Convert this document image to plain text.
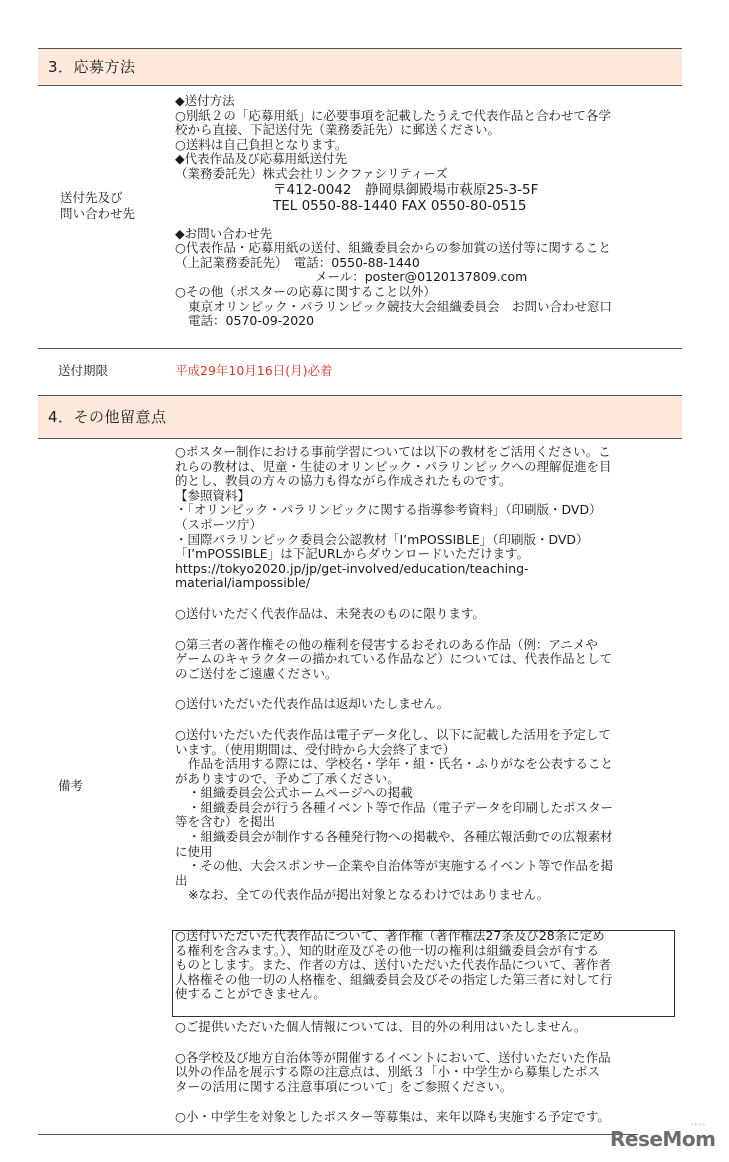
3．応募方法
送付先及び
問い合わせ先
◆送付方法
○別紙２の「応募用紙」に必要事項を記載したうえで代表作品と合わせて各学
校から直接、下記送付先（業務委託先）に郵送ください。
○送料は自己負担となります。
◆代表作品及び応募用紙送付先
（業務委託先）株式会社リンクファシリティーズ
〒412-0042　静岡県御殿場市萩原25-3-5F
TEL 0550-88-1440 FAX 0550-80-0515
◆お問い合わせ先
○代表作品・応募用紙の送付、組織委員会からの参加賞の送付等に関すること
（上記業務委託先）　電話：0550-88-1440
メール：poster@0120137809.com
○その他（ポスターの応募に関すること以外）
東京オリンピック・パラリンピック競技大会組織委員会　お問い合わせ窓口
電話：0570-09-2020
送付期限	平成29年10月16日(月)必着
4．その他留意点
備考
○ポスター制作における事前学習については以下の教材をご活用ください。こ
れらの教材は、児童・生徒のオリンピック・パラリンピックへの理解促進を目
的とし、教員の方々の協力も得ながら作成されたものです。
【参照資料】
・「オリンピック・パラリンピックに関する指導参考資料」（印刷版・DVD）
（スポーツ庁）
・国際パラリンピック委員会公認教材「I’mPOSSIBLE」（印刷版・DVD）
「I’mPOSSIBLE」は下記URLからダウンロードいただけます。
https://tokyo2020.jp/jp/get-involved/education/teaching-
material/iampossible/
○送付いただく代表作品は、未発表のものに限ります。
○第三者の著作権その他の権利を侵害するおそれのある作品（例：アニメや
ゲームのキャラクターの描かれている作品など）については、代表作品として
のご送付をご遠慮ください。
○送付いただいた代表作品は返却いたしません。
○送付いただいた代表作品は電子データ化し、以下に記載した活用を予定して
います。（使用期間は、受付時から大会終了まで）
作品を活用する際には、学校名・学年・組・氏名・ふりがなを公表すること
がありますので、予めご了承ください。
・組織委員会公式ホームページへの掲載
・組織委員会が行う各種イベント等で作品（電子データを印刷したポスター
等を含む）を掲出
・組織委員会が制作する各種発行物への掲載や、各種広報活動での広報素材
に使用
・その他、大会スポンサー企業や自治体等が実施するイベント等で作品を掲
出
※なお、全ての代表作品が掲出対象となるわけではありません。
○送付いただいた代表作品について、著作権（著作権法27条及び28条に定め
る権利を含みます。）、知的財産及びその他一切の権利は組織委員会が有する
ものとします。また、作者の方は、送付いただいた代表作品について、著作者
人格権その他一切の人格権を、組織委員会及びその指定した第三者に対して行
使することができません。
○ご提供いただいた個人情報については、目的外の利用はいたしません。
○各学校及び地方自治体等が開催するイベントにおいて、送付いただいた作品
以外の作品を展示する際の注意点は、別紙３「小・中学生から募集したポス
ターの活用に関する注意事項について」をご参照ください。
○小・中学生を対象としたポスター等募集は、来年以降も実施する予定です。
リセマム
ReseMom
